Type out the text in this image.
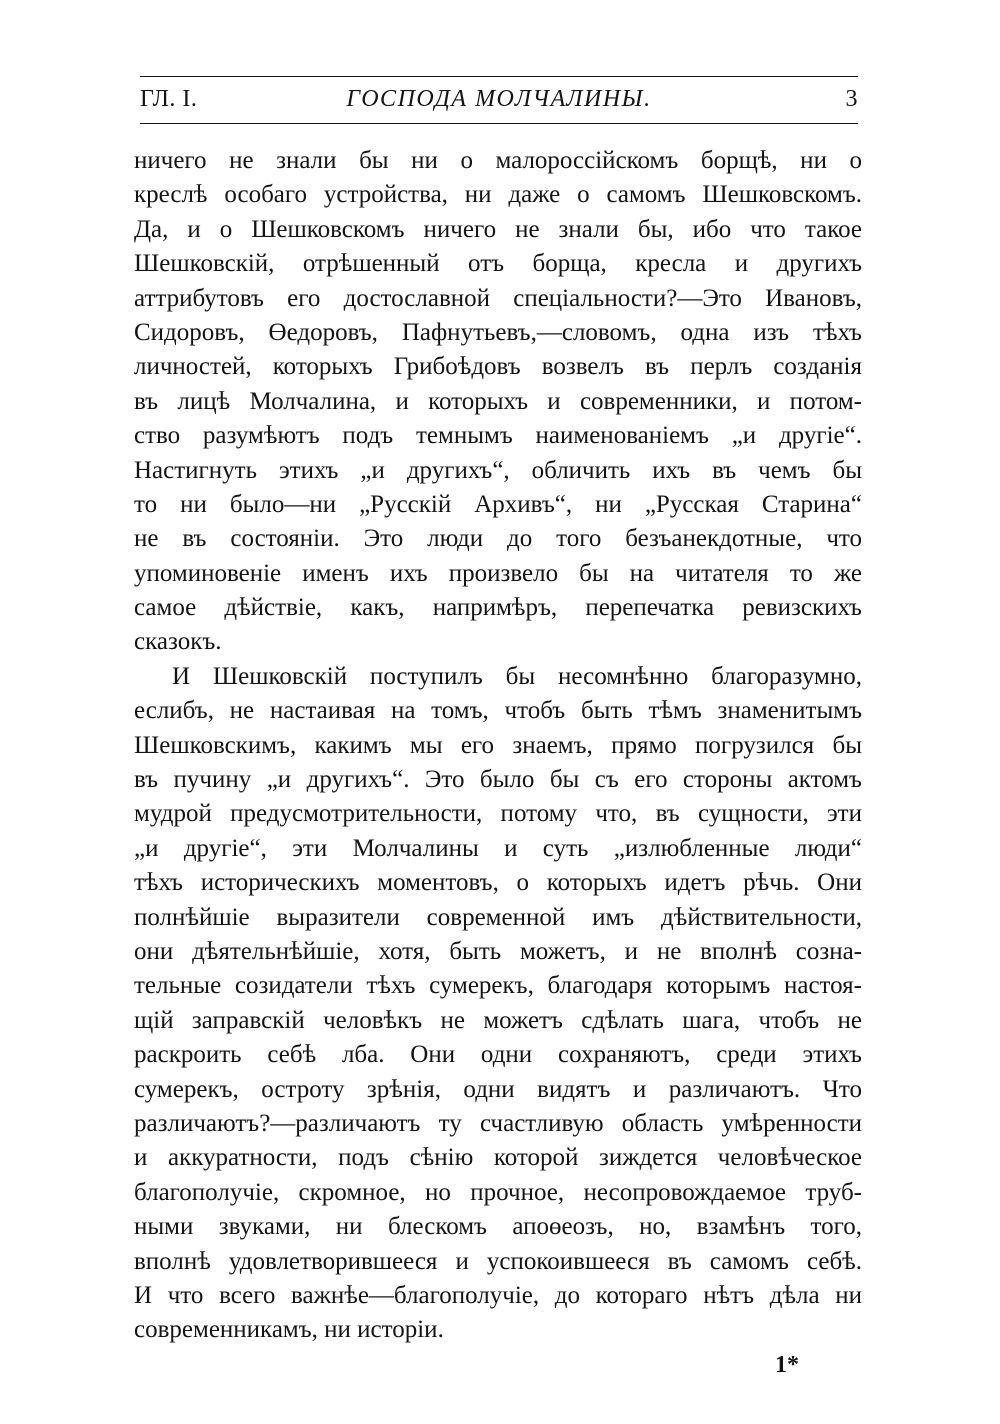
ГЛ. I.	ГОСПОДА МОЛЧАЛИНЫ.	3
ничего не знали бы ни о малороссійскомъ борщѣ, ни о
креслѣ особаго устройства, ни даже о самомъ Шешковскомъ.
Да, и о Шешковскомъ ничего не знали бы, ибо что такое
Шешковскій, отрѣшенный отъ борща, кресла и другихъ
аттрибутовъ его достославной спеціальности?—Это Ивановъ,
Сидоровъ, Өедоровъ, Пафнутьевъ,—словомъ, одна изъ тѣхъ
личностей, которыхъ Грибоѣдовъ возвелъ въ перлъ созданія
въ лицѣ Молчалина, и которыхъ и современники, и потом-
ство разумѣютъ подъ темнымъ наименованіемъ „и другіе“.
Настигнуть этихъ „и другихъ“, обличить ихъ въ чемъ бы
то ни было—ни „Русскій Архивъ“, ни „Русская Старина“
не въ состояніи. Это люди до того безъанекдотные, что
упоминовеніе именъ ихъ произвело бы на читателя то же
самое дѣйствіе, какъ, напримѣръ, перепечатка ревизскихъ
сказокъ.
И Шешковскій поступилъ бы несомнѣнно благоразумно,
еслибъ, не настаивая на томъ, чтобъ быть тѣмъ знаменитымъ
Шешковскимъ, какимъ мы его знаемъ, прямо погрузился бы
въ пучину „и другихъ“. Это было бы съ его стороны актомъ
мудрой предусмотрительности, потому что, въ сущности, эти
„и другіе“, эти Молчалины и суть „излюбленные люди“
тѣхъ историческихъ моментовъ, о которыхъ идетъ рѣчь. Они
полнѣйшіе выразители современной имъ дѣйствительности,
они дѣятельнѣйшіе, хотя, быть можетъ, и не вполнѣ созна-
тельные созидатели тѣхъ сумерекъ, благодаря которымъ настоя-
щій заправскій человѣкъ не можетъ сдѣлать шага, чтобъ не
раскроить себѣ лба. Они одни сохраняютъ, среди этихъ
сумерекъ, остроту зрѣнія, одни видятъ и различаютъ. Что
различаютъ?—различаютъ ту счастливую область умѣренности
и аккуратности, подъ сѣнію которой зиждется человѣческое
благополучіе, скромное, но прочное, несопровождаемое труб-
ными звуками, ни блескомъ апоөеозъ, но, взамѣнъ того,
вполнѣ удовлетворившееся и успокоившееся въ самомъ себѣ.
И что всего важнѣе—благополучіе, до котораго нѣтъ дѣла ни
современникамъ, ни исторіи.
1*
